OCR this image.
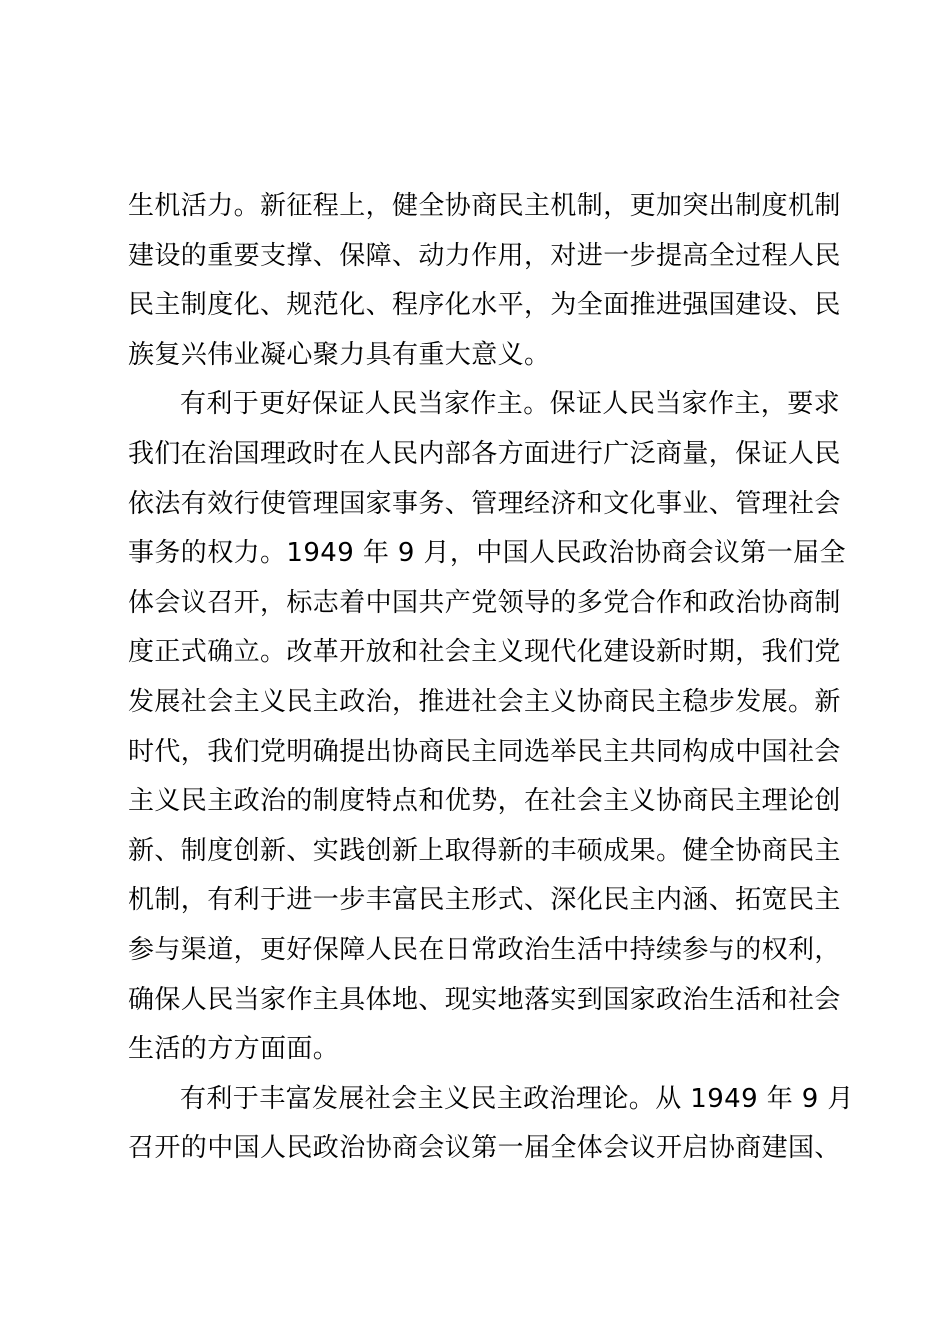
生机活力。新征程上，健全协商民主机制，更加突出制度机制
建设的重要支撑、保障、动力作用，对进一步提高全过程人民
民主制度化、规范化、程序化水平，为全面推进强国建设、民
族复兴伟业凝心聚力具有重大意义。
有利于更好保证人民当家作主。保证人民当家作主，要求
我们在治国理政时在人民内部各方面进行广泛商量，保证人民
依法有效行使管理国家事务、管理经济和文化事业、管理社会
事务的权力。1949 年 9 月，中国人民政治协商会议第一届全
体会议召开，标志着中国共产党领导的多党合作和政治协商制
度正式确立。改革开放和社会主义现代化建设新时期，我们党
发展社会主义民主政治，推进社会主义协商民主稳步发展。新
时代，我们党明确提出协商民主同选举民主共同构成中国社会
主义民主政治的制度特点和优势，在社会主义协商民主理论创
新、制度创新、实践创新上取得新的丰硕成果。健全协商民主
机制，有利于进一步丰富民主形式、深化民主内涵、拓宽民主
参与渠道，更好保障人民在日常政治生活中持续参与的权利，
确保人民当家作主具体地、现实地落实到国家政治生活和社会
生活的方方面面。
有利于丰富发展社会主义民主政治理论。从 1949 年 9 月
召开的中国人民政治协商会议第一届全体会议开启协商建国、
